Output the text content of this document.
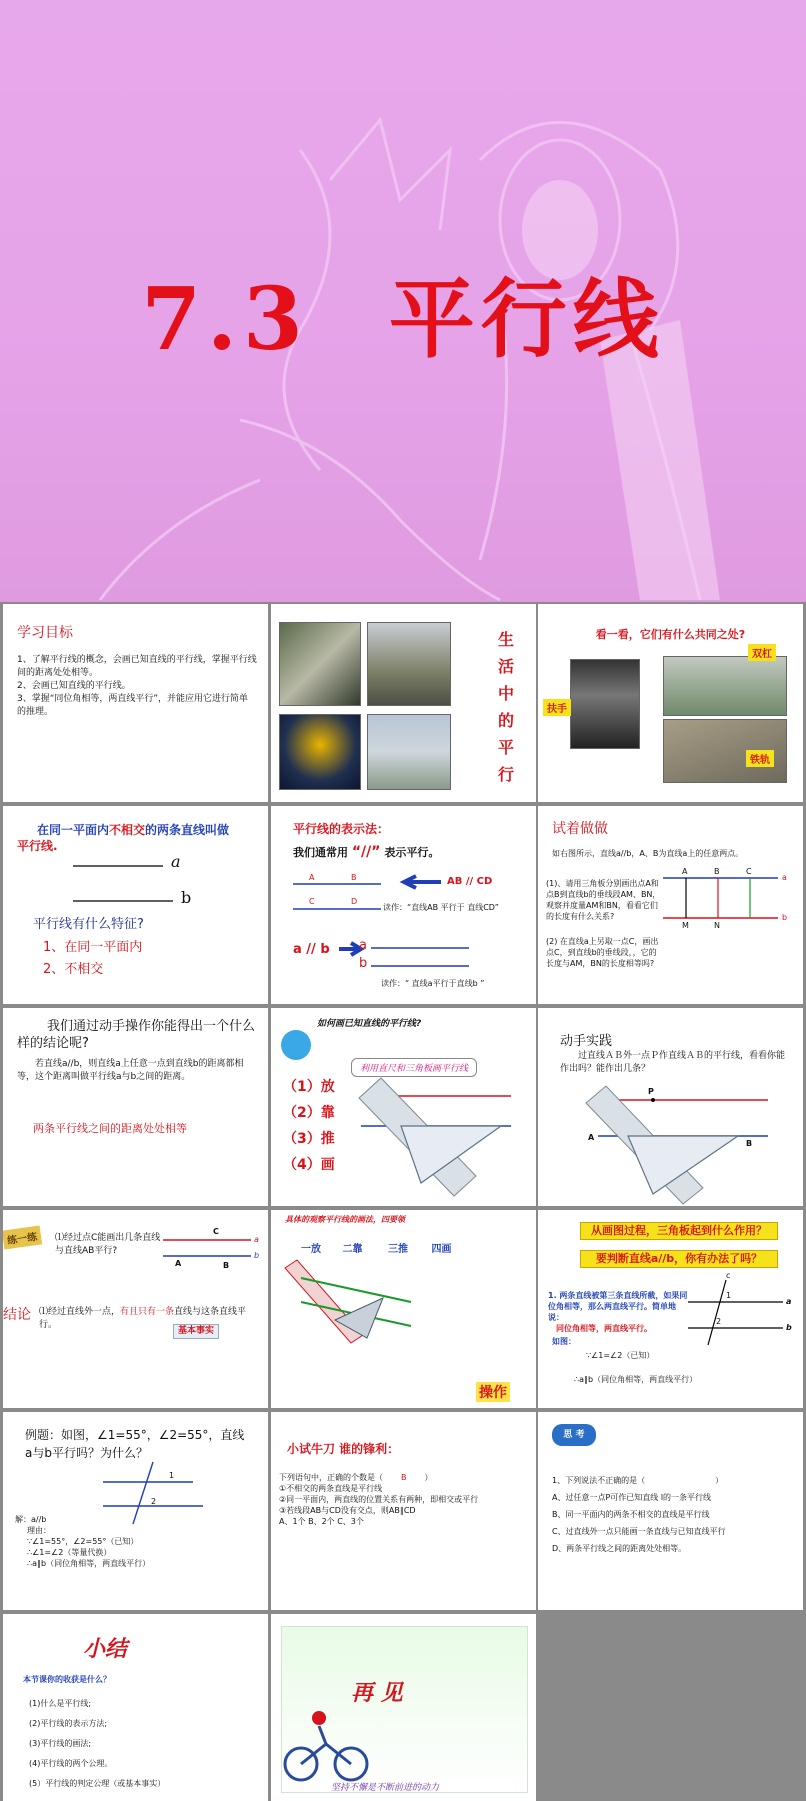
7.3 平行线
学习目标
1、了解平行线的概念，会画已知直线的平行线，掌握平行线间的距离处处相等。
2、会画已知直线的平行线。
3、掌握“同位角相等，两直线平行”，并能应用它进行简单的推理。
生
活
中
的
平
行
看一看，它们有什么共同之处?
双杠
扶手
铁轨
在同一平面内不相交的两条直线叫做
平行线.
a
b
平行线有什么特征?
1、在同一平面内
2、不相交
平行线的表示法：
我们通常用 “//” 表示平行。
A	B
C	D
AB // CD
读作：“直线AB 平行于 直线CD”
a // b a
b
读作：“ 直线a平行于直线b ”
试着做做
如右图所示，直线a//b，A、B为直线a上的任意两点。
(1)、请用三角板分别画出点A和点B到直线b的垂线段AM、BN，观察并度量AM和BN，看看它们的长度有什么关系?
(2) 在直线a上另取一点C，画出点C，到直线b的垂线段，，它的长度与AM，BN的长度相等吗?
A	B	C
a
b
M	N
我们通过动手操作你能得出一个什么样的结论呢?
若直线a//b，则直线a上任意一点到直线b的距离都相等，这个距离叫做平行线a与b之间的距离。
两条平行线之间的距离处处相等
如何画已知直线的平行线?
利用直尺和三角板画平行线
（1）放
（2）靠
（3）推
（4）画
动手实践
过直线ＡＢ外一点Ｐ作直线ＡＢ的平行线，看看你能作出吗？能作出几条？
P
A
B
练一练	⑴经过点C能画出几条直线与直线AB平行?
C
A	B
a
b
结论 ⑴经过直线外一点，有且只有一条直线与这条直线平行。
基本事实
具体的观察平行线的画法，四要领
一放 二靠	三推 四画
操作
从画图过程，三角板起到什么作用？
要判断直线a//b，你有办法了吗？
1. 两条直线被第三条直线所截，如果同位角相等，那么两直线平行。简单地说：
同位角相等，两直线平行。
如图：
∵∠1=∠2（已知）
∴a∥b（同位角相等，两直线平行）
c
a
b
1
2
例题：如图，∠1=55°，∠2=55°，直线a与b平行吗？为什么？
1
2
解：a//b
理由：
∵∠1=55°，∠2=55°（已知）
∴∠1=∠2（等量代换）
∴a∥b（同位角相等，两直线平行）
小试牛刀 谁的锋利：
下列语句中，正确的个数是（ B ）
①不相交的两条直线是平行线
②同一平面内，两直线的位置关系有两种，即相交或平行
③若线段AB与CD没有交点，则AB∥CD
A、1个 B、2个 C、3个
思 考
1、下列说法不正确的是（	）
A、过任意一点P可作已知直线 l的一条平行线
B、同一平面内的两条不相交的直线是平行线
C、过直线外一点只能画一条直线与已知直线平行
D、两条平行线之间的距离处处相等。
小结
本节课你的收获是什么？
(1)什么是平行线;
(2)平行线的表示方法;
(3)平行线的画法;
(4)平行线的两个公理。
(5）平行线的判定公理（或基本事实）
再 见
坚持不懈是不断前进的动力
